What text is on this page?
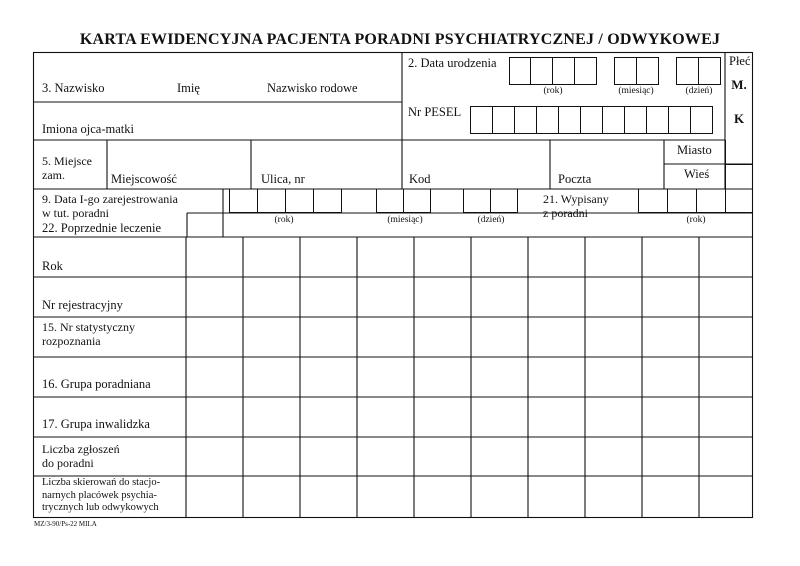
KARTA EWIDENCYJNA PACJENTA PORADNI PSYCHIATRYCZNEJ / ODWYKOWEJ
3. Nazwisko	Imię	Nazwisko rodowe
Imiona ojca-matki
2. Data urodzenia
(rok)	(miesiąc)	(dzień)
Nr PESEL
Płeć
M.
K
5. Miejsce
zam.	Miejscowość	Ulica, nr	Kod	Poczta
Miasto
Wieś
9. Data I-go zarejestrowania
w tut. poradni	(rok)	(miesiąc)	(dzień)
22. Poprzednie leczenie
21. Wypisany
z poradni	(rok)
Rok
Nr rejestracyjny
15. Nr statystyczny
rozpoznania
16. Grupa poradniana
17. Grupa inwalidzka
Liczba zgłoszeń
do poradni
Liczba skierowań do stacjo-
narnych placówek psychia-
trycznych lub odwykowych
MZ/3-90/Ps-22 MILA
